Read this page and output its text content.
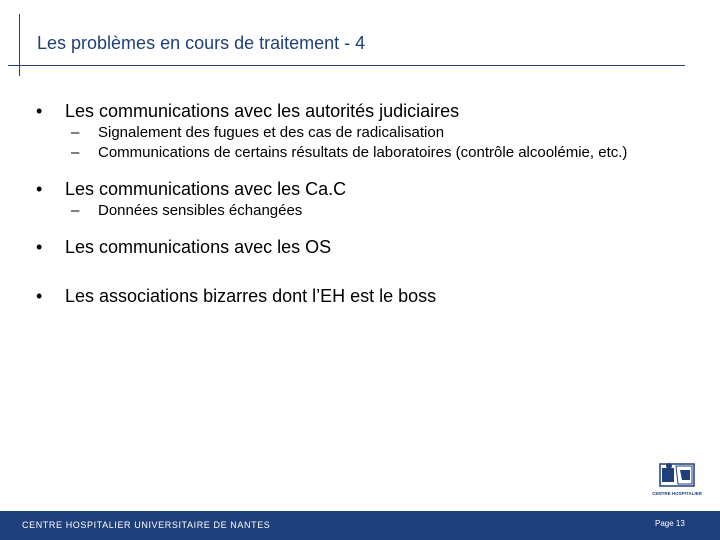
Les problèmes en cours de traitement - 4
• Les communications avec les autorités judiciaires
– Signalement des fugues et des cas de radicalisation
– Communications de certains résultats de laboratoires (contrôle alcoolémie, etc.)
• Les communications avec les Ca.C
– Données sensibles échangées
• Les communications avec les OS
• Les associations bizarres dont l’EH est le boss
CENTRE HOSPITALIER
CENTRE HOSPITALIER UNIVERSITAIRE DE NANTES	Page 13
